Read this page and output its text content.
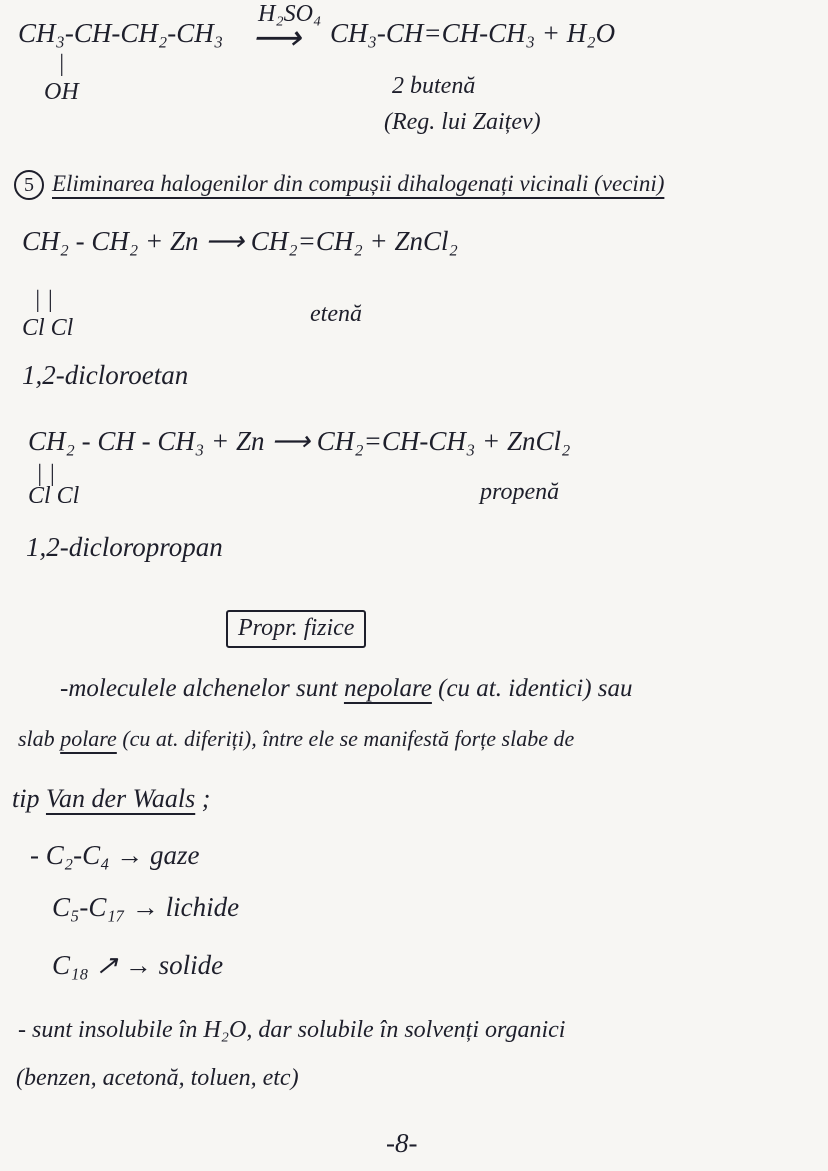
CH₃-CH-CH₂-CH₃
|
OH
H₂SO₄
⟶ CH₃-CH=CH-CH₃ + H₂O
2 butenă
(Reg. lui Zaițev)
5 Eliminarea halogenilor din compușii dihalogenați vicinali (vecini)
CH₂ - CH₂ + Zn ⟶ CH₂=CH₂ + ZnCl₂
| |
Cl Cl
etenă
1,2-dicloroetan
CH₂ - CH - CH₃ + Zn ⟶ CH₂=CH-CH₃ + ZnCl₂
| |
Cl Cl	propenă
1,2-dicloropropan
Propr. fizice
-moleculele alchenelor sunt nepolare (cu at. identici) sau
slab polare (cu at. diferiți), între ele se manifestă forțe slabe de
tip Van der Waals ;
- C₂-C₄ → gaze
C₅-C₁₇ → lichide
C₁₈ ↗ → solide
- sunt insolubile în H₂O, dar solubile în solvenți organici
(benzen, acetonă, toluen, etc)
-8-
